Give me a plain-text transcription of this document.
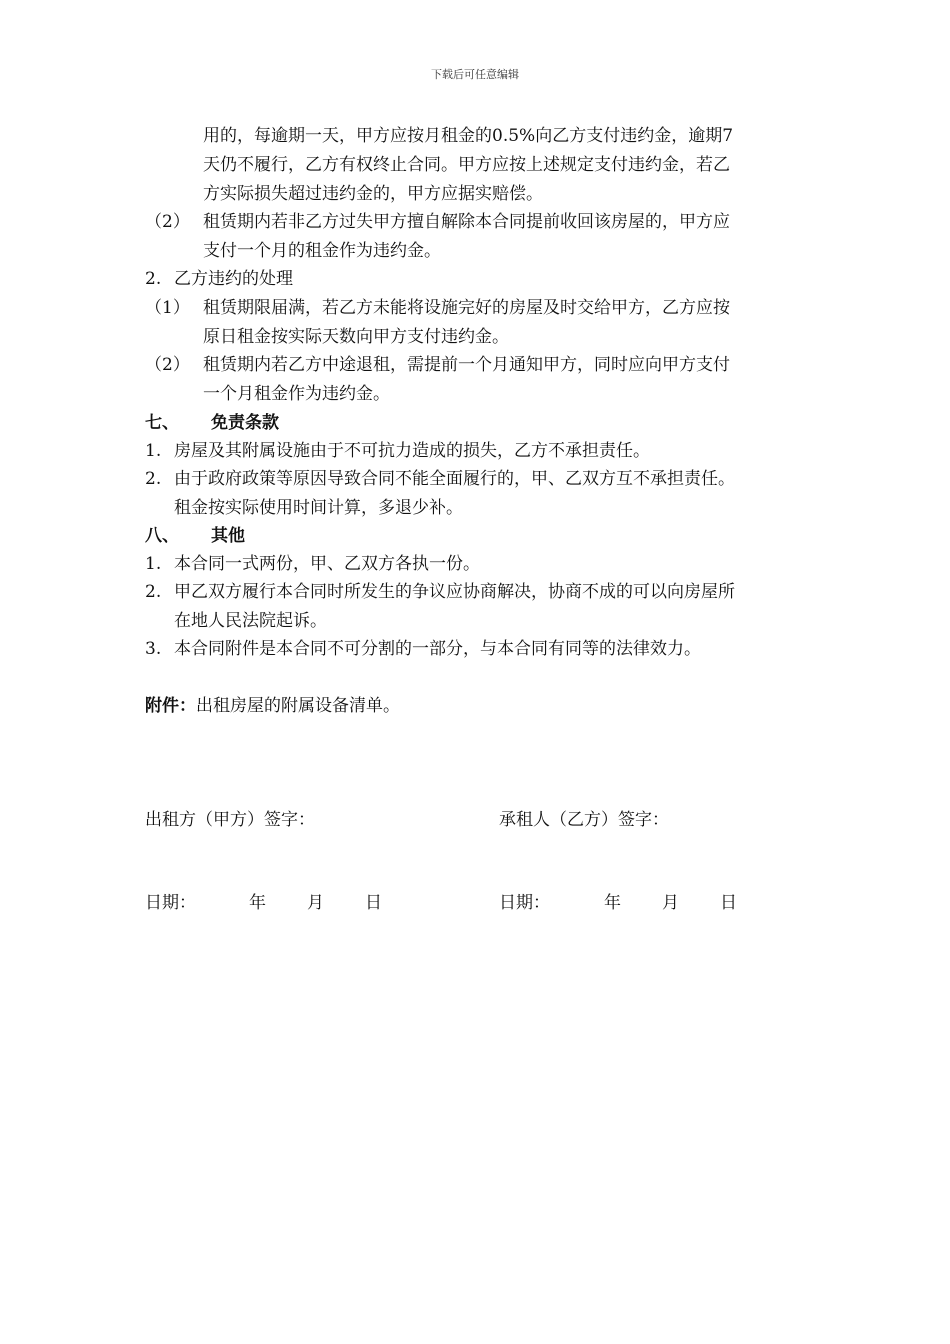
下载后可任意编辑
用的，每逾期一天，甲方应按月租金的0.5%向乙方支付违约金，逾期7
天仍不履行，乙方有权终止合同。甲方应按上述规定支付违约金，若乙
方实际损失超过违约金的，甲方应据实赔偿。
（2） 租赁期内若非乙方过失甲方擅自解除本合同提前收回该房屋的，甲方应
支付一个月的租金作为违约金。
2. 乙方违约的处理
（1） 租赁期限届满，若乙方未能将设施完好的房屋及时交给甲方，乙方应按
原日租金按实际天数向甲方支付违约金。
（2） 租赁期内若乙方中途退租，需提前一个月通知甲方，同时应向甲方支付
一个月租金作为违约金。
七、 免责条款
1. 房屋及其附属设施由于不可抗力造成的损失，乙方不承担责任。
2. 由于政府政策等原因导致合同不能全面履行的，甲、乙双方互不承担责任。
租金按实际使用时间计算，多退少补。
八、 其他
1. 本合同一式两份，甲、乙双方各执一份。
2. 甲乙双方履行本合同时所发生的争议应协商解决，协商不成的可以向房屋所
在地人民法院起诉。
3. 本合同附件是本合同不可分割的一部分，与本合同有同等的法律效力。
附件：出租房屋的附属设备清单。
出租方（甲方）签字：	承租人（乙方）签字：
日期：	年 月 日	日期：	年 月 日
